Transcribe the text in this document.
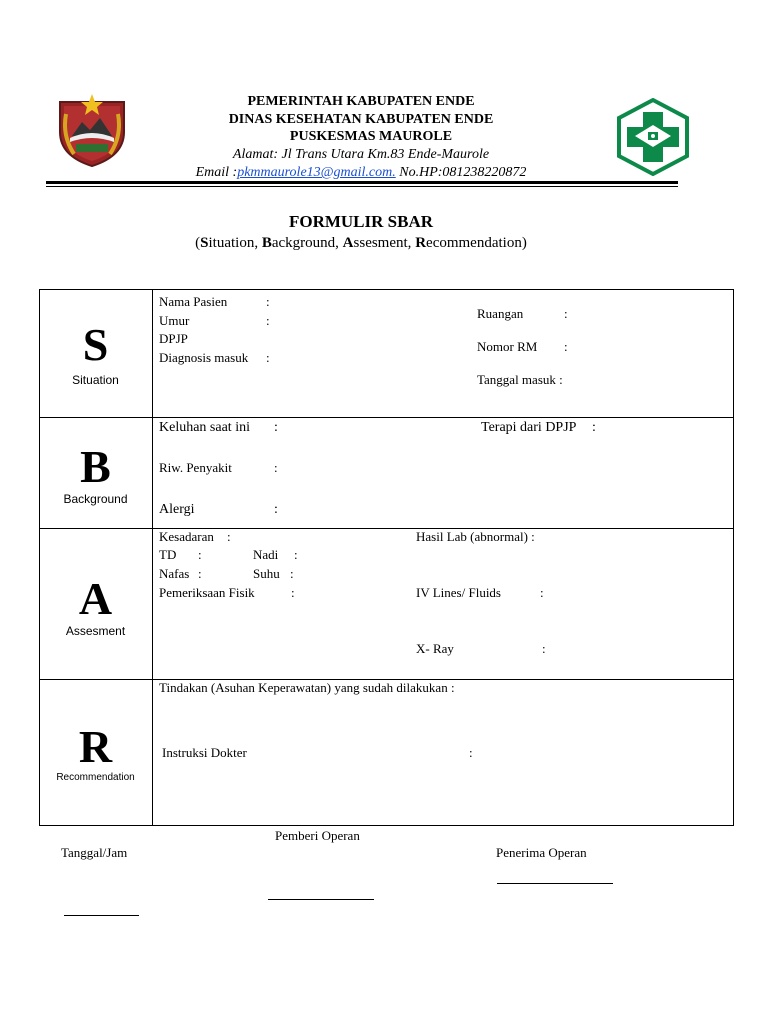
PEMERINTAH KABUPATEN ENDE
DINAS KESEHATAN KABUPATEN ENDE
PUSKESMAS MAUROLE
Alamat: Jl Trans Utara Km.83 Ende-Maurole
Email :pkmmaurole13@gmail.com. No.HP:081238220872
FORMULIR SBAR
(Situation, Background, Assesment, Recommendation)
S
Situation
Nama Pasien	:
Umur	:
DPJP
Diagnosis masuk :
Ruangan	:
Nomor RM :
Tanggal masuk :
B
Background
Keluhan saat ini :	Terapi dari DPJP :
Riw. Penyakit	:
Alergi	:
A
Assesment
Kesadaran :
TD :	Nadi :
Nafas :	Suhu :
Pemeriksaan Fisik	:
Hasil Lab (abnormal) :
IV Lines/ Fluids	:
X- Ray	:
R
Recommendation
Tindakan (Asuhan Keperawatan) yang sudah dilakukan :
Instruksi Dokter	:
Pemberi Operan
Tanggal/Jam	Penerima Operan
